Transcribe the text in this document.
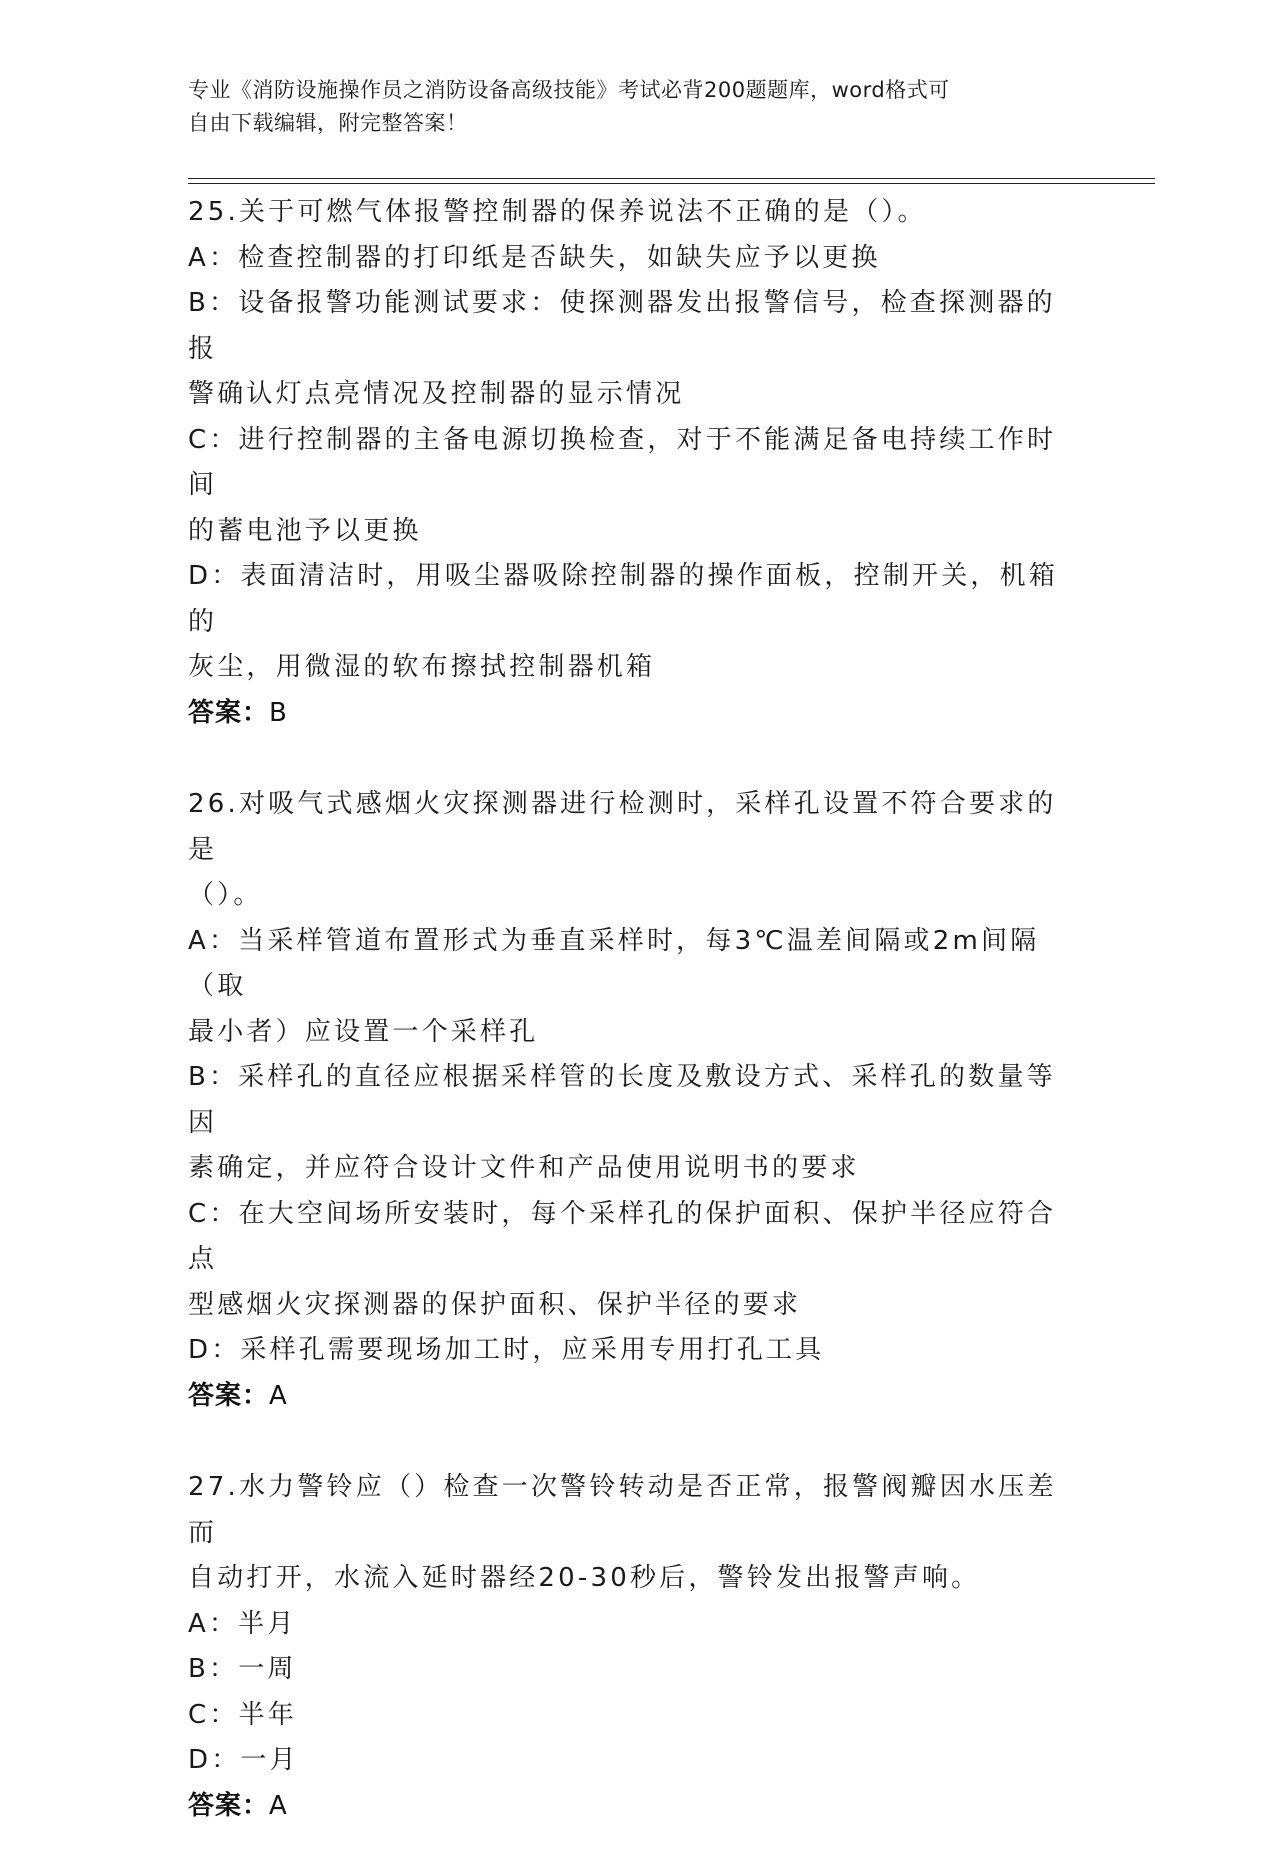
专业《消防设施操作员之消防设备高级技能》考试必背200题题库，word格式可
自由下载编辑，附完整答案！
25.关于可燃气体报警控制器的保养说法不正确的是（）。
A：检查控制器的打印纸是否缺失，如缺失应予以更换
B：设备报警功能测试要求：使探测器发出报警信号，检查探测器的报
警确认灯点亮情况及控制器的显示情况
C：进行控制器的主备电源切换检查，对于不能满足备电持续工作时间
的蓄电池予以更换
D：表面清洁时，用吸尘器吸除控制器的操作面板，控制开关，机箱的
灰尘，用微湿的软布擦拭控制器机箱
答案：B
26.对吸气式感烟火灾探测器进行检测时，采样孔设置不符合要求的是
（）。
A：当采样管道布置形式为垂直采样时，每3℃温差间隔或2m间隔（取
最小者）应设置一个采样孔
B：采样孔的直径应根据采样管的长度及敷设方式、采样孔的数量等因
素确定，并应符合设计文件和产品使用说明书的要求
C：在大空间场所安装时，每个采样孔的保护面积、保护半径应符合点
型感烟火灾探测器的保护面积、保护半径的要求
D：采样孔需要现场加工时，应采用专用打孔工具
答案：A
27.水力警铃应（）检查一次警铃转动是否正常，报警阀瓣因水压差而
自动打开，水流入延时器经20-30秒后，警铃发出报警声响。
A：半月
B：一周
C：半年
D：一月
答案：A
